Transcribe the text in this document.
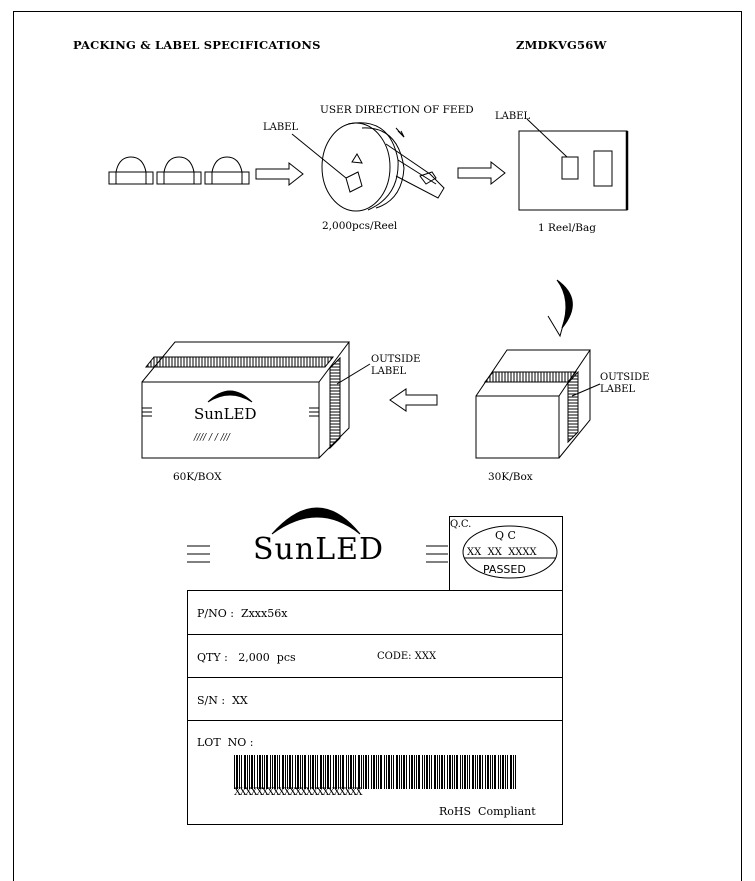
PACKING & LABEL SPECIFICATIONS	ZMDKVG56W
LABEL
USER DIRECTION OF FEED
2,000pcs/Reel
LABEL
1 Reel/Bag
OUTSIDE
LABEL
OUTSIDE
LABEL
SunLED
//// / / ///
60K/BOX	30K/Box
SunLED
Q.C.
Q C
XX  XX  XXXX
PASSED
P/NO :  Zxxx56x
QTY :   2,000  pcs	CODE: XXX
S/N :  XX
LOT  NO :
XXXXXXXXXXXXXXXXXXXXXXX
RoHS  Compliant
